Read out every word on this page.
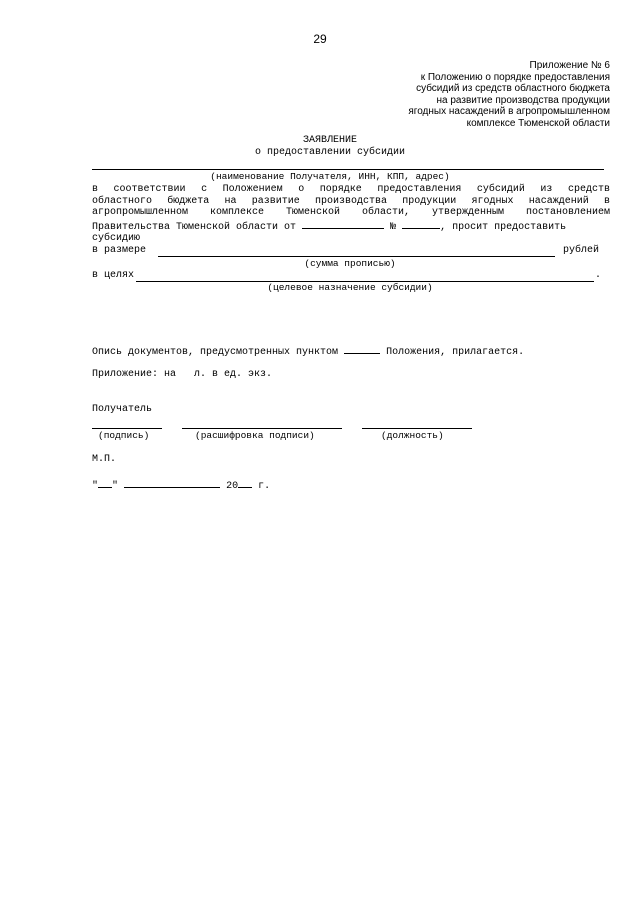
29
Приложение № 6
к Положению о порядке предоставления
субсидий из средств областного бюджета
на развитие производства продукции
ягодных насаждений в агропромышленном
комплексе Тюменской области
ЗАЯВЛЕНИЕ
о предоставлении субсидии
(наименование Получателя, ИНН, КПП, адрес)
в соответствии с Положением о порядке предоставления субсидий из средств
областного бюджета на развитие производства продукции ягодных насаждений в
агропромышленном комплексе Тюменской области, утвержденным постановлением
Правительства Тюменской области от	№	, просит предоставить
субсидию
в размере	рублей
(сумма прописью)
в целях	.
(целевое назначение субсидии)
Опись документов, предусмотренных пунктом	Положения, прилагается.
Приложение: на   л. в ед. экз.
Получатель
(подпись)	(расшифровка подписи)	(должность)
М.П.
" "	20 г.
